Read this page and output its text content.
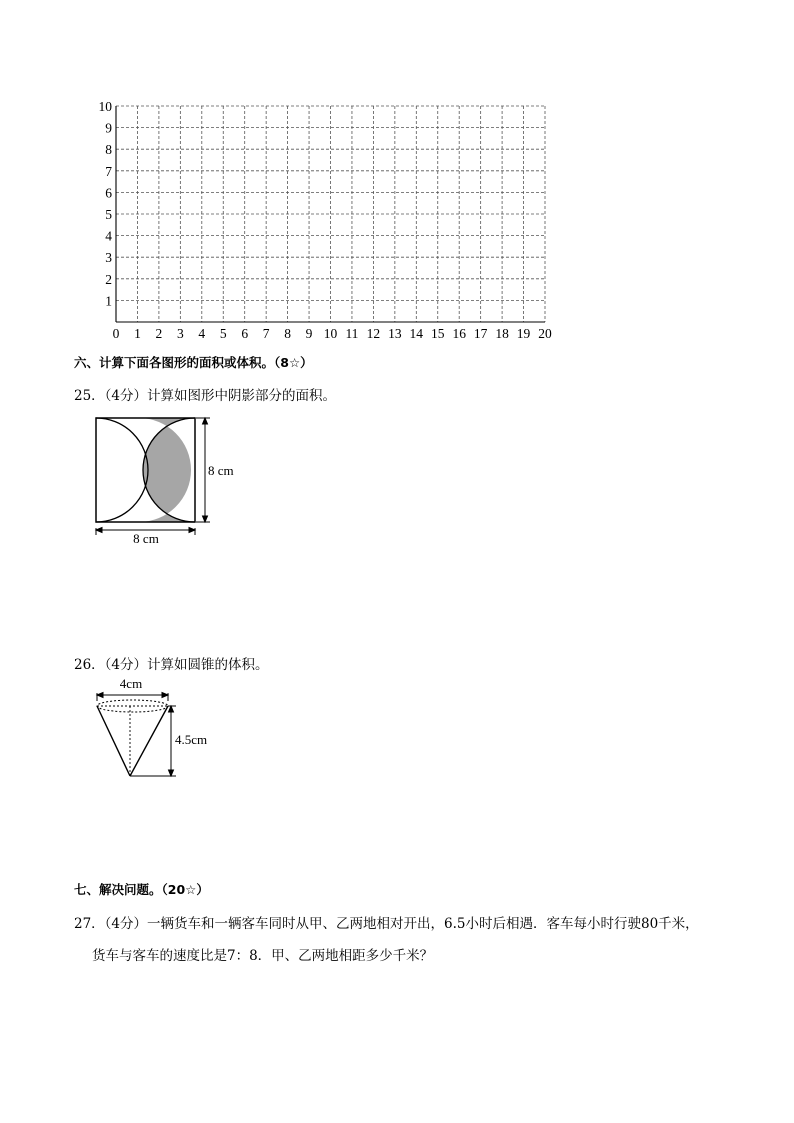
0 1 2 3 4 5 6 7 8 9 10 11 12 13 14 15 16 17 18 19 20
1
2
3
4
5
6
7
8
9
10
六、计算下面各图形的面积或体积。（8☆）
25．（4分）计算如图形中阴影部分的面积。
8 cm
8 cm
26．（4分）计算如圆锥的体积。
4cm
4.5cm
七、解决问题。（20☆）
27．（4分）一辆货车和一辆客车同时从甲、乙两地相对开出，6.5小时后相遇．客车每小时行驶80千米，
货车与客车的速度比是7：8．甲、乙两地相距多少千米？
